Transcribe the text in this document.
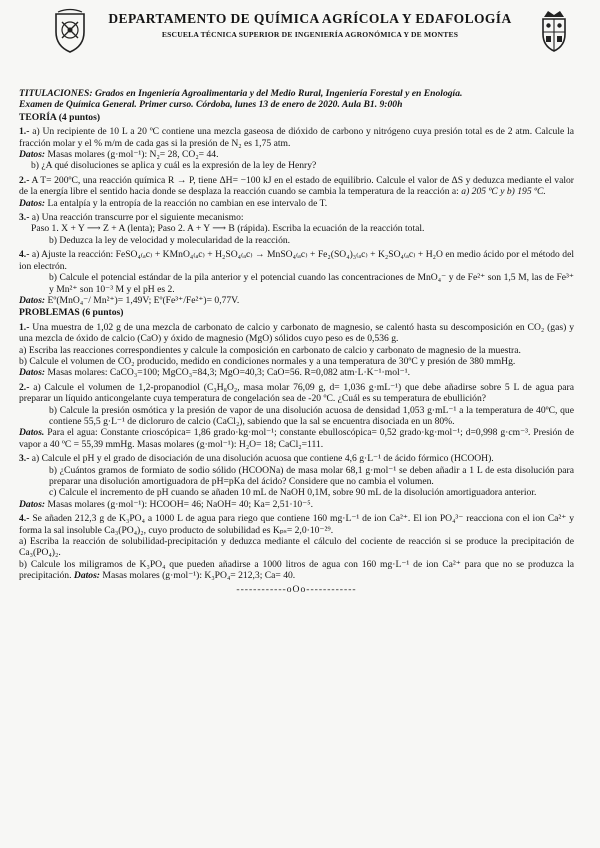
DEPARTAMENTO DE QUÍMICA AGRÍCOLA Y EDAFOLOGÍA
ESCUELA TÉCNICA SUPERIOR DE INGENIERÍA AGRONÓMICA Y DE MONTES
TITULACIONES: Grados en Ingeniería Agroalimentaria y del Medio Rural, Ingeniería Forestal y en Enología.
Examen de Química General. Primer curso. Córdoba, lunes 13 de enero de 2020. Aula B1. 9:00h
TEORÍA (4 puntos)

1.- a) Un recipiente de 10 L a 20 ºC contiene una mezcla gaseosa de dióxido de carbono y nitrógeno cuya presión total es de 2 atm. Calcule la fracción molar y el % m/m de cada gas si la presión de N₂ es 1,75 atm.

Datos: Masas molares (g·mol⁻¹): N₂= 28, CO₂= 44.

b) ¿A qué disoluciones se aplica y cuál es la expresión de la ley de Henry?

2.- A T= 200ºC, una reacción química R → P, tiene ΔH= −100 kJ en el estado de equilibrio. Calcule el valor de ΔS y deduzca mediante el valor de la energía libre el sentido hacia donde se desplaza la reacción cuando se cambia la temperatura de la reacción a: a) 205 ºC y b) 195 ºC.

Datos: La entalpía y la entropía de la reacción no cambian en ese intervalo de T.

3.- a) Una reacción transcurre por el siguiente mecanismo:

Paso 1. X + Y ⟶ Z + A (lenta); Paso 2. A + Y ⟶ B (rápida). Escriba la ecuación de la reacción total.

b) Deduzca la ley de velocidad y molecularidad de la reacción.

4.- a) Ajuste la reacción: FeSO₄₍ₐc₎ + KMnO₄₍ₐc₎ + H₂SO₄₍ₐc₎ → MnSO₄₍ₐc₎ + Fe₂(SO₄)₃₍ₐc₎ + K₂SO₄₍ₐc₎ + H₂O en medio ácido por el método del ion electrón.

b) Calcule el potencial estándar de la pila anterior y el potencial cuando las concentraciones de MnO₄⁻ y de Fe²⁺ son 1,5 M, las de Fe³⁺ y Mn²⁺ son 10⁻³ M y el pH es 2.

Datos: Eº(MnO₄⁻/ Mn²⁺)= 1,49V; Eº(Fe³⁺/Fe²⁺)= 0,77V.

PROBLEMAS (6 puntos)

1.- Una muestra de 1,02 g de una mezcla de carbonato de calcio y carbonato de magnesio, se calentó hasta su descomposición en CO₂ (gas) y una mezcla de óxido de calcio (CaO) y óxido de magnesio (MgO) sólidos cuyo peso es de 0,536 g.

a) Escriba las reacciones correspondientes y calcule la composición en carbonato de calcio y carbonato de magnesio de la muestra.

b) Calcule el volumen de CO₂ producido, medido en condiciones normales y a una temperatura de 30ºC y presión de 380 mmHg.

Datos: Masas molares: CaCO₃=100; MgCO₃=84,3; MgO=40,3; CaO=56. R=0,082 atm·L·K⁻¹·mol⁻¹.

2.- a) Calcule el volumen de 1,2-propanodiol (C₃H₈O₂, masa molar 76,09 g, d= 1,036 g·mL⁻¹) que debe añadirse sobre 5 L de agua para preparar un líquido anticongelante cuya temperatura de congelación sea de -20 ºC. ¿Cuál es su temperatura de ebullición?

b) Calcule la presión osmótica y la presión de vapor de una disolución acuosa de densidad 1,053 g·mL⁻¹ a la temperatura de 40ºC, que contiene 55,5 g·L⁻¹ de dicloruro de calcio (CaCl₂), sabiendo que la sal se encuentra disociada en un 80%.

Datos. Para el agua: Constante crioscópica= 1,86 grado·kg·mol⁻¹; constante ebulloscópica= 0,52 grado·kg·mol⁻¹; d=0,998 g·cm⁻³. Presión de vapor a 40 ºC = 55,39 mmHg. Masas molares (g·mol⁻¹): H₂O= 18; CaCl₂=111.

3.- a) Calcule el pH y el grado de disociación de una disolución acuosa que contiene 4,6 g·L⁻¹ de ácido fórmico (HCOOH).

b) ¿Cuántos gramos de formiato de sodio sólido (HCOONa) de masa molar 68,1 g·mol⁻¹ se deben añadir a 1 L de esta disolución para preparar una disolución amortiguadora de pH=pKa del ácido? Considere que no cambia el volumen.

c) Calcule el incremento de pH cuando se añaden 10 mL de NaOH 0,1M, sobre 90 mL de la disolución amortiguadora anterior.

Datos: Masas molares (g·mol⁻¹): HCOOH= 46; NaOH= 40; Ka= 2,51·10⁻⁵.

4.- Se añaden 212,3 g de K₃PO₄ a 1000 L de agua para riego que contiene 160 mg·L⁻¹ de ion Ca²⁺. El ion PO₄³⁻ reacciona con el ion Ca²⁺ y forma la sal insoluble Ca₃(PO₄)₂, cuyo producto de solubilidad es Kₚₛ= 2,0·10⁻²⁹.

a) Escriba la reacción de solubilidad-precipitación y deduzca mediante el cálculo del cociente de reacción si se produce la precipitación de Ca₃(PO₄)₂.

b) Calcule los miligramos de K₃PO₄ que pueden añadirse a 1000 litros de agua con 160 mg·L⁻¹ de ion Ca²⁺ para que no se produzca la precipitación. Datos: Masas molares (g·mol⁻¹): K₃PO₄= 212,3; Ca= 40.

------------oOo------------
